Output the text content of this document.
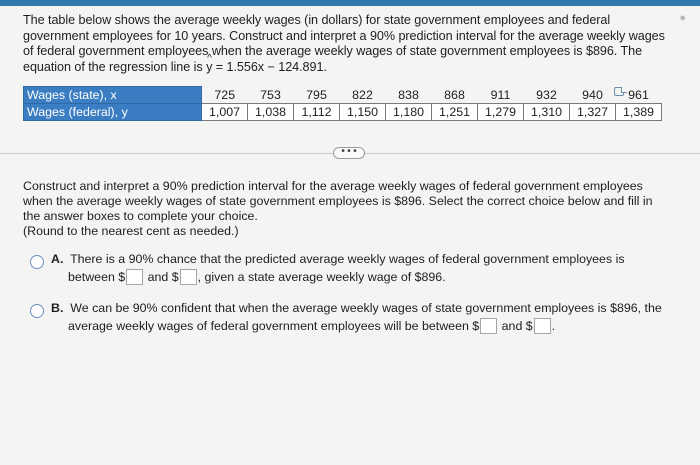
●
The table below shows the average weekly wages (in dollars) for state government employees and federal
government employees for 10 years. Construct and interpret a 90% prediction interval for the average weekly wages
of federal government employees when the average weekly wages of state government employees is $896. The
equation of the regression line is ^ y = 1.556x − 124.891.
Wages (state), x	725	753	795	822	838	868	911	932	940	961
Wages (federal), y	1,007	1,038	1,112	1,150	1,180	1,251	1,279	1,310	1,327	1,389
•••
Construct and interpret a 90% prediction interval for the average weekly wages of federal government employees
when the average weekly wages of state government employees is $896. Select the correct choice below and fill in
the answer boxes to complete your choice.
(Round to the nearest cent as needed.)
A. There is a 90% chance that the predicted average weekly wages of federal government employees is
between $ and $ , given a state average weekly wage of $896.
B. We can be 90% confident that when the average weekly wages of state government employees is $896, the
average weekly wages of federal government employees will be between $ and $ .
